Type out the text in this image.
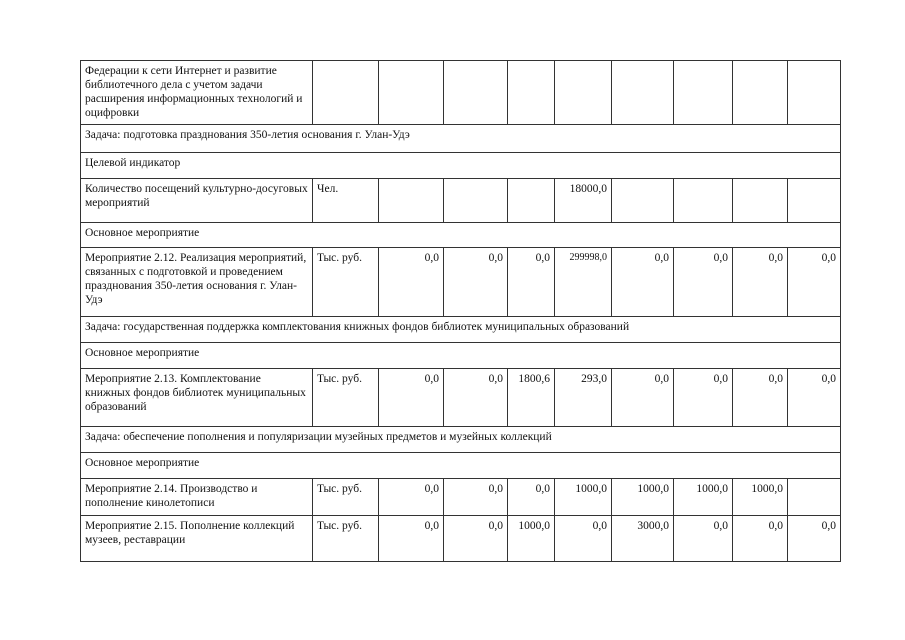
Федерации к сети Интернет и развитие библиотечного дела с учетом задачи расширения информационных технологий и оцифровки									
Задача: подготовка празднования 350-летия основания г. Улан-Удэ									
Целевой индикатор									
Количество посещений культурно-досуговых мероприятий	Чел.				18000,0				
Основное мероприятие									
Мероприятие 2.12. Реализация мероприятий, связанных с подготовкой и проведением празднования 350-летия основания г. Улан-Удэ	Тыс. руб.	0,0	0,0	0,0	299998,0	0,0	0,0	0,0	0,0
Задача: государственная поддержка комплектования книжных фондов библиотек муниципальных образований									
Основное мероприятие									
Мероприятие 2.13. Комплектование книжных фондов библиотек муниципальных образований	Тыс. руб.	0,0	0,0	1800,6	293,0	0,0	0,0	0,0	0,0
Задача: обеспечение пополнения и популяризации музейных предметов и музейных коллекций									
Основное мероприятие									
Мероприятие 2.14. Производство и пополнение кинолетописи	Тыс. руб.	0,0	0,0	0,0	1000,0	1000,0	1000,0	1000,0	
Мероприятие 2.15. Пополнение коллекций музеев, реставрации	Тыс. руб.	0,0	0,0	1000,0	0,0	3000,0	0,0	0,0	0,0
